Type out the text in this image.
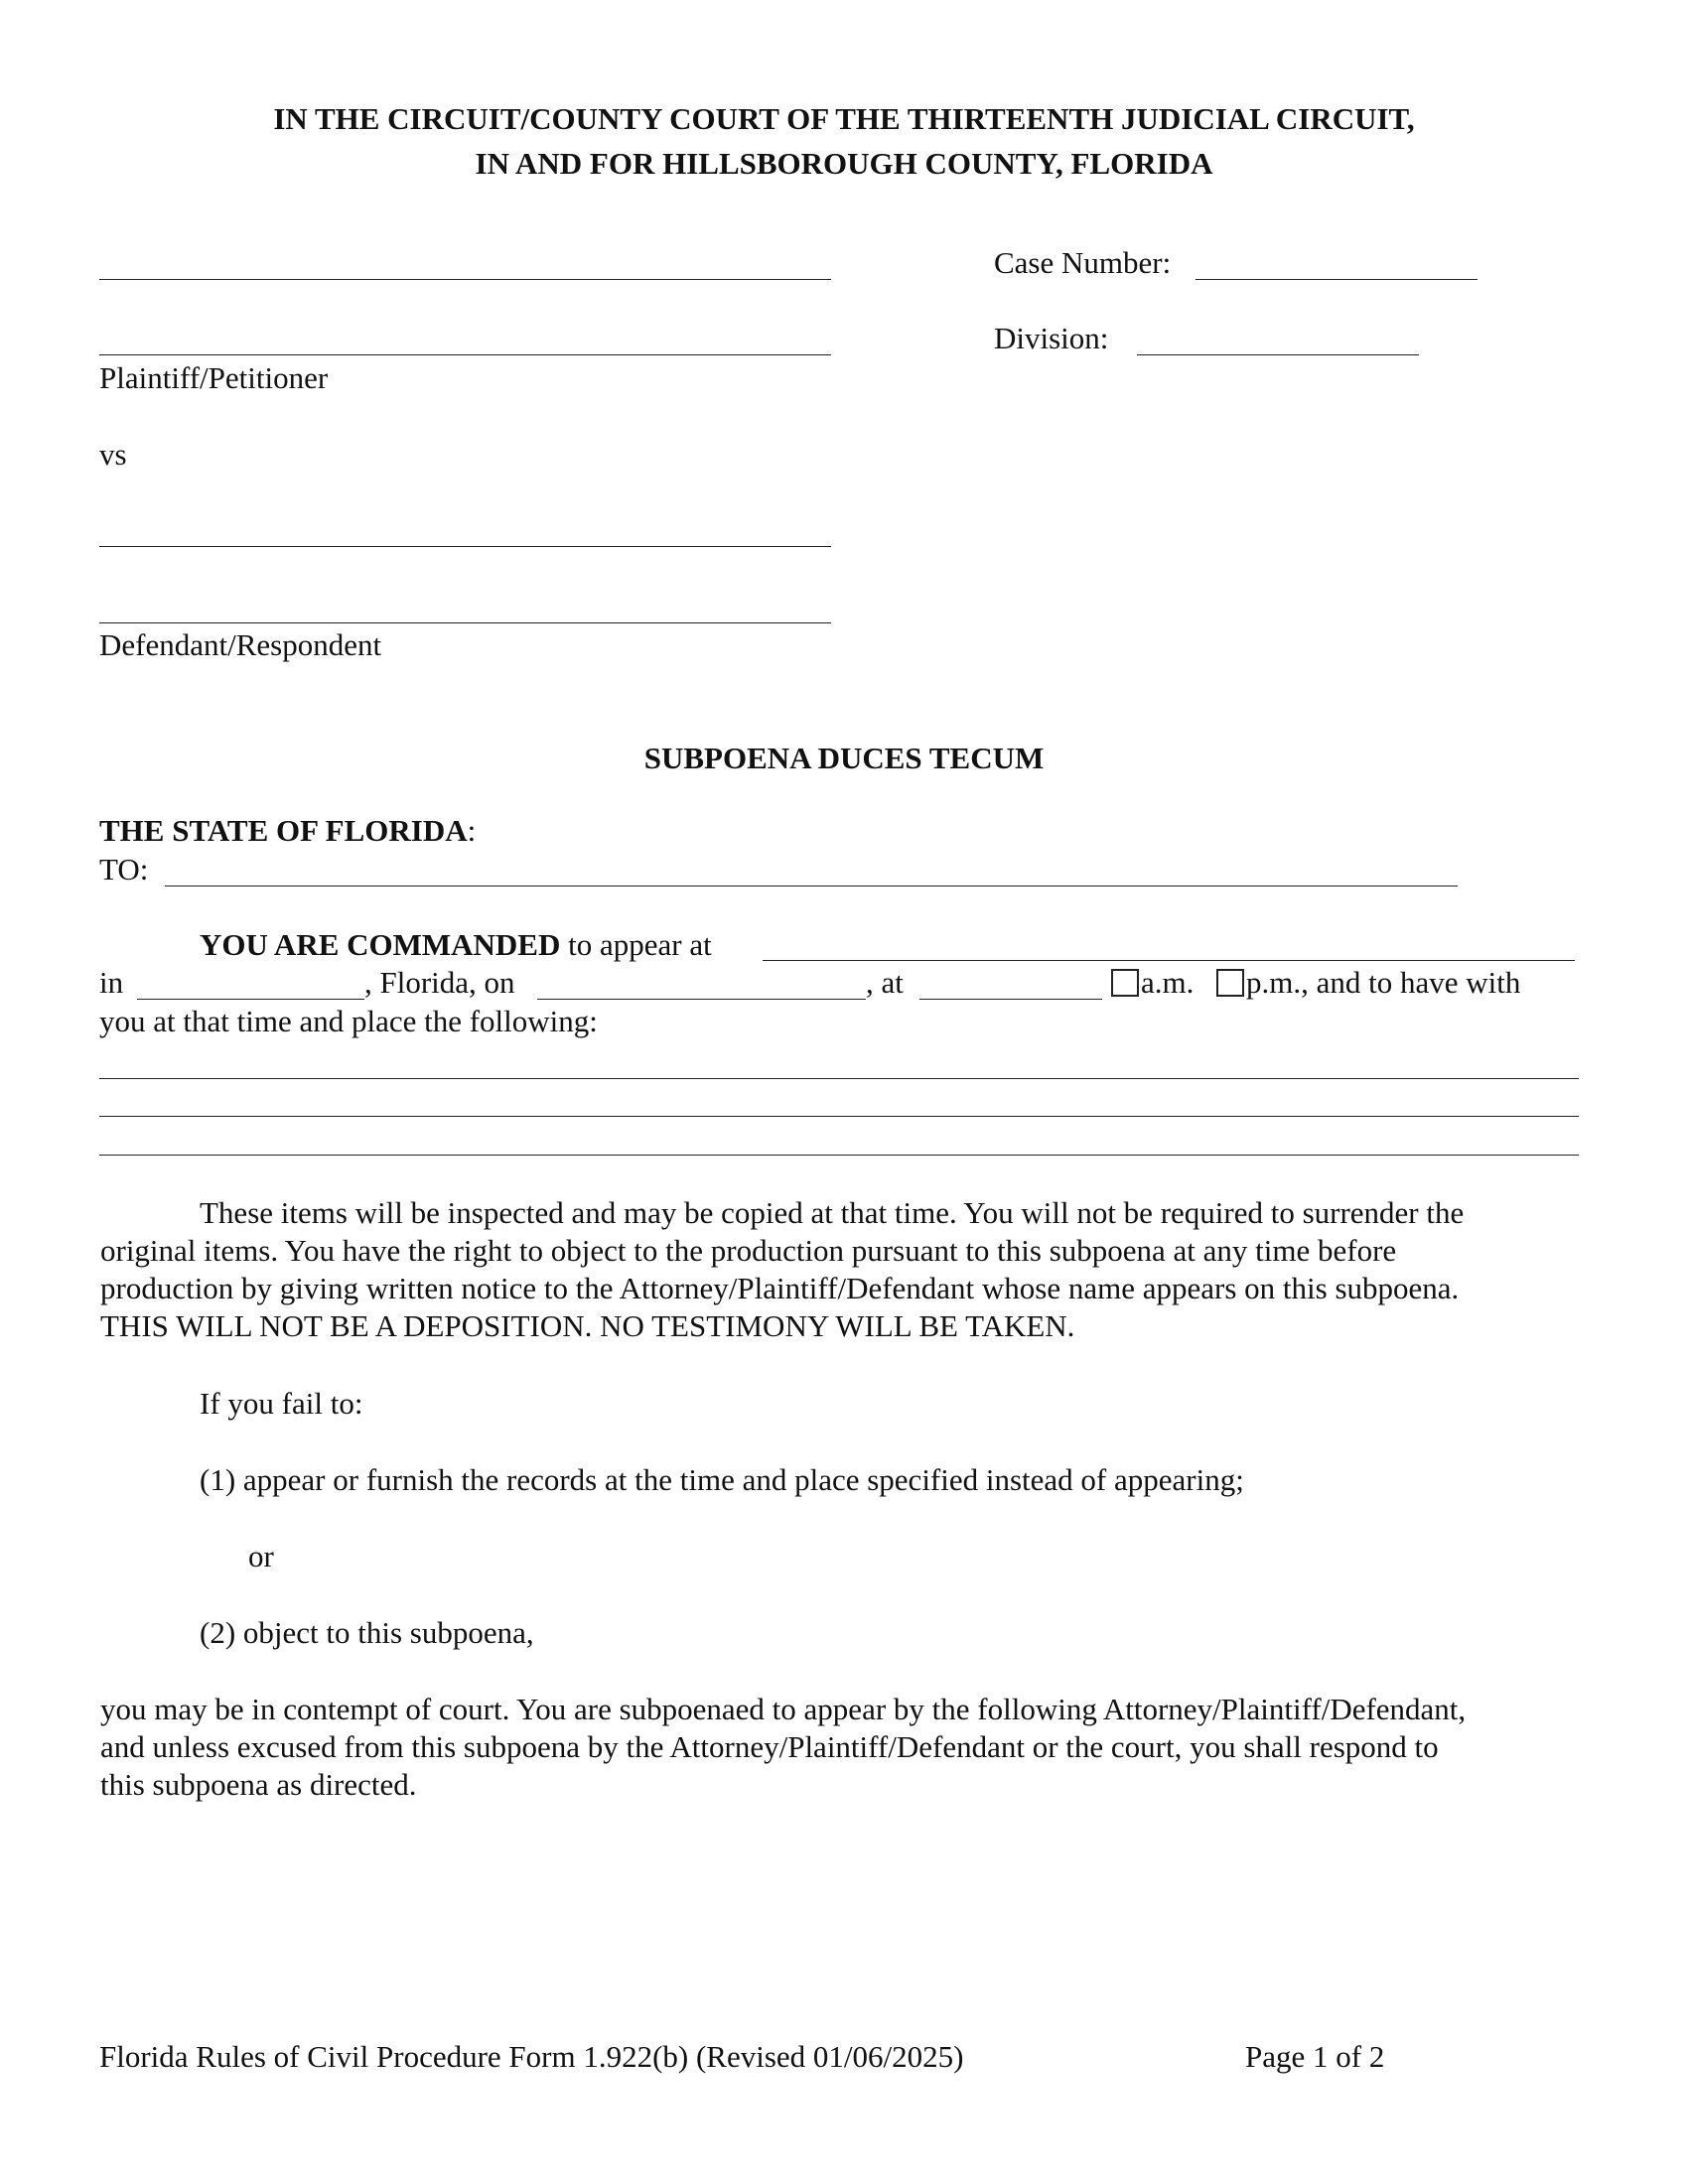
IN THE CIRCUIT/COUNTY COURT OF THE THIRTEENTH JUDICIAL CIRCUIT,
IN AND FOR HILLSBOROUGH COUNTY, FLORIDA
Plaintiff/Petitioner
vs
Defendant/Respondent
Case Number:
Division:
SUBPOENA DUCES TECUM
THE STATE OF FLORIDA:
TO:
YOU ARE COMMANDED to appear at
in	, Florida, on	, at	a.m.	p.m., and to have with
you at that time and place the following:
These items will be inspected and may be copied at that time. You will not be required to surrender the
original items. You have the right to object to the production pursuant to this subpoena at any time before
production by giving written notice to the Attorney/Plaintiff/Defendant whose name appears on this subpoena.
THIS WILL NOT BE A DEPOSITION. NO TESTIMONY WILL BE TAKEN.
If you fail to:
(1) appear or furnish the records at the time and place specified instead of appearing;
or
(2) object to this subpoena,
you may be in contempt of court. You are subpoenaed to appear by the following Attorney/Plaintiff/Defendant,
and unless excused from this subpoena by the Attorney/Plaintiff/Defendant or the court, you shall respond to
this subpoena as directed.
Florida Rules of Civil Procedure Form 1.922(b) (Revised 01/06/2025)	Page 1 of 2
